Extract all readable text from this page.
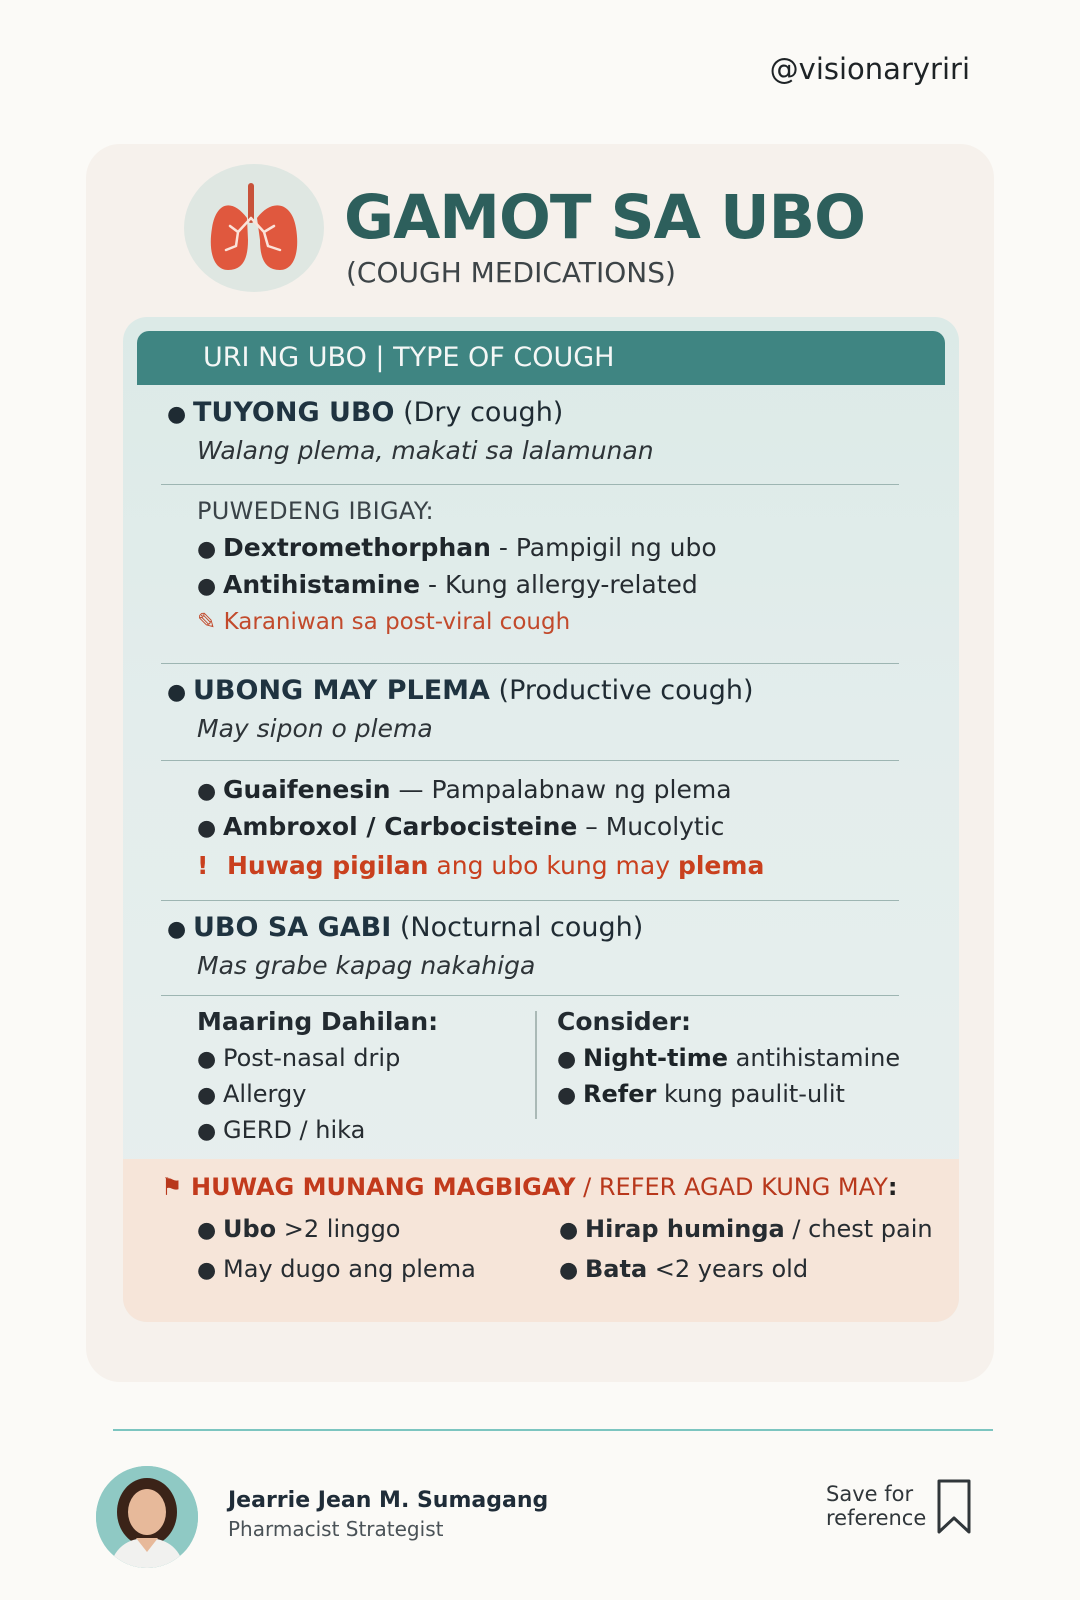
@visionaryriri
GAMOT SA UBO
(COUGH MEDICATIONS)
URI NG UBO | TYPE OF COUGH
● TUYONG UBO (Dry cough)
Walang plema, makati sa lalamunan
PUWEDENG IBIGAY:
● Dextromethorphan - Pampigil ng ubo
● Antihistamine - Kung allergy-related
✎ Karaniwan sa post-viral cough
● UBONG MAY PLEMA (Productive cough)
May sipon o plema
● Guaifenesin — Pampalabnaw ng plema
● Ambroxol / Carbocisteine – Mucolytic
! Huwag pigilan ang ubo kung may plema
● UBO SA GABI (Nocturnal cough)
Mas grabe kapag nakahiga
Maaring Dahilan:
● Post-nasal drip
● Allergy
● GERD / hika
Consider:
● Night-time antihistamine
● Refer kung paulit-ulit
⚑ HUWAG MUNANG MAGBIGAY / REFER AGAD KUNG MAY:
● Ubo >2 linggo
● May dugo ang plema
● Hirap huminga / chest pain
● Bata <2 years old
Jearrie Jean M. Sumagang
Pharmacist Strategist
Save for
reference
